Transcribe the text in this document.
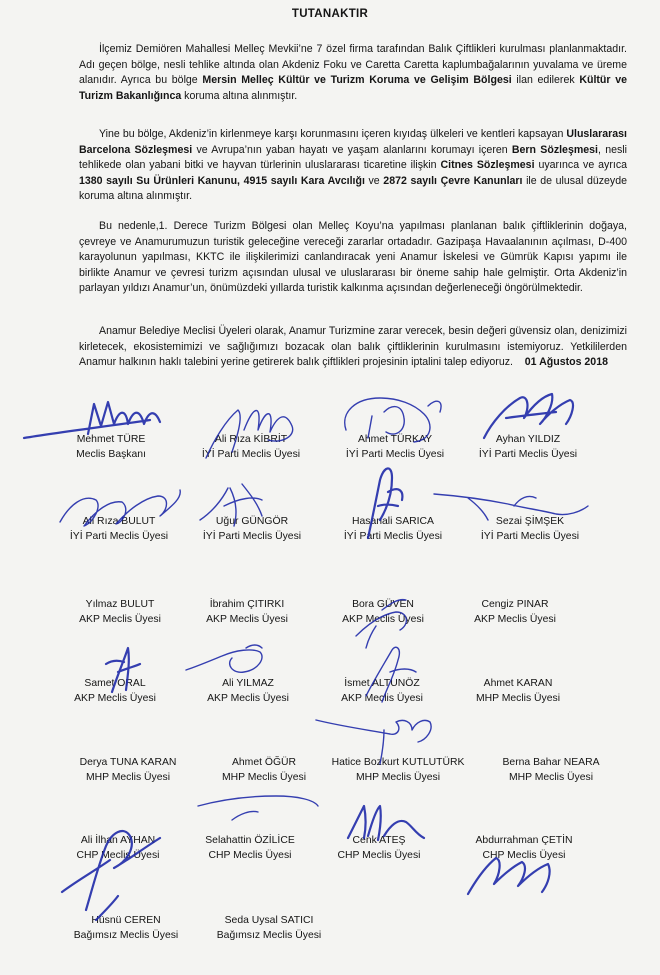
TUTANAKTIR
İlçemiz Demiören Mahallesi Melleç Mevkii’ne 7 özel firma tarafından Balık Çiftlikleri kurulması planlanmaktadır. Adı geçen bölge, nesli tehlike altında olan Akdeniz Foku ve Caretta Caretta kaplumbağalarının yuvalama ve üreme alanıdır. Ayrıca bu bölge Mersin Melleç Kültür ve Turizm Koruma ve Gelişim Bölgesi ilan edilerek Kültür ve Turizm Bakanlığınca koruma altına alınmıştır.
Yine bu bölge, Akdeniz’in kirlenmeye karşı korunmasını içeren kıyıdaş ülkeleri ve kentleri kapsayan Uluslararası Barcelona Sözleşmesi ve Avrupa’nın yaban hayatı ve yaşam alanlarını korumayı içeren Bern Sözleşmesi, nesli tehlikede olan yabani bitki ve hayvan türlerinin uluslararası ticaretine ilişkin Citnes Sözleşmesi uyarınca ve ayrıca 1380 sayılı Su Ürünleri Kanunu, 4915 sayılı Kara Avcılığı ve 2872 sayılı Çevre Kanunları ile de ulusal düzeyde koruma altına alınmıştır.
Bu nedenle,1. Derece Turizm Bölgesi olan Melleç Koyu’na yapılması planlanan balık çiftliklerinin doğaya, çevreye ve Anamurumuzun turistik geleceğine vereceği zararlar ortadadır. Gazipaşa Havaalanının açılması, D-400 karayolunun yapılması, KKTC ile ilişkilerimizi canlandıracak yeni Anamur İskelesi ve Gümrük Kapısı yapımı ile birlikte Anamur ve çevresi turizm açısından ulusal ve uluslararası bir öneme sahip hale gelmiştir. Orta Akdeniz’in parlayan yıldızı Anamur’un, önümüzdeki yıllarda turistik kalkınma açısından değerleneceği öngörülmektedir.
Anamur Belediye Meclisi Üyeleri olarak, Anamur Turizmine zarar verecek, besin değeri güvensiz olan, denizimizi kirletecek, ekosistemimizi ve sağlığımızı bozacak olan balık çiftliklerinin kurulmasını istemiyoruz. Yetkililerden Anamur halkının haklı talebini yerine getirerek balık çiftlikleri projesinin iptalini talep ediyoruz. 01 Ağustos 2018
Mehmet TÜRE
Meclis Başkanı
Ali Rıza KİBRİT
İYİ Parti Meclis Üyesi
Ahmet TÜRKAY
İYİ Parti Meclis Üyesi
Ayhan YILDIZ
İYİ Parti Meclis Üyesi
Ali Rıza BULUT
İYİ Parti Meclis Üyesi
Uğur GÜNGÖR
İYİ Parti Meclis Üyesi
Hasanali SARICA
İYİ Parti Meclis Üyesi
Sezai ŞİMŞEK
İYİ Parti Meclis Üyesi
Yılmaz BULUT
AKP Meclis Üyesi
İbrahim ÇITIRKI
AKP Meclis Üyesi
Bora GÜVEN
AKP Meclis Üyesi
Cengiz PINAR
AKP Meclis Üyesi
Samet ORAL
AKP Meclis Üyesi
Ali YILMAZ
AKP Meclis Üyesi
İsmet ALTUNÖZ
AKP Meclis Üyesi
Ahmet KARAN
MHP Meclis Üyesi
Derya TUNA KARAN
MHP Meclis Üyesi
Ahmet ÖĞÜR
MHP Meclis Üyesi
Hatice Bozkurt KUTLUTÜRK
MHP Meclis Üyesi
Berna Bahar NEARA
MHP Meclis Üyesi
Ali İlhan AYHAN
CHP Meclis Üyesi
Selahattin ÖZİLİCE
CHP Meclis Üyesi
Cenk ATEŞ
CHP Meclis Üyesi
Abdurrahman ÇETİN
CHP Meclis Üyesi
Hüsnü CEREN
Bağımsız Meclis Üyesi
Seda Uysal SATICI
Bağımsız Meclis Üyesi
